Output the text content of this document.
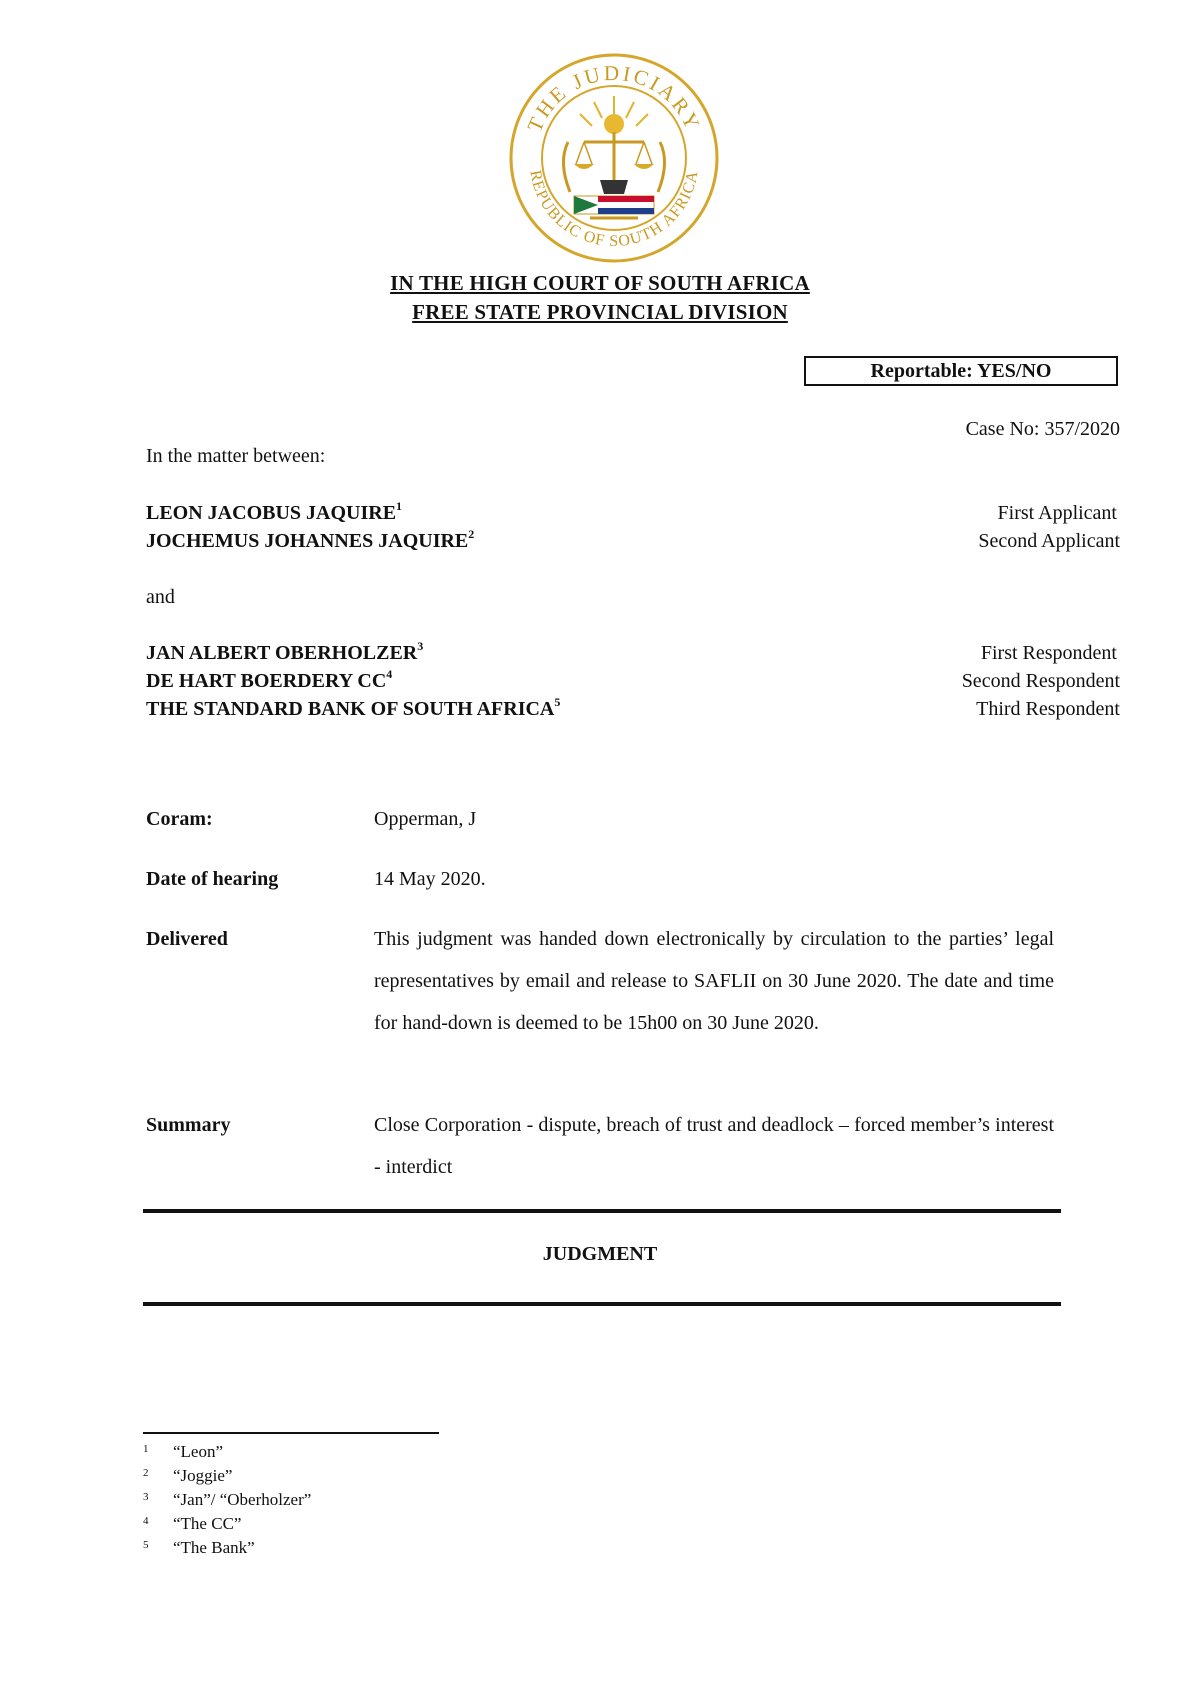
THE JUDICIARY
REPUBLIC OF SOUTH AFRICA
IN THE HIGH COURT OF SOUTH AFRICA
FREE STATE PROVINCIAL DIVISION
Reportable: YES/NO
Case No: 357/2020
In the matter between:
LEON JACOBUS JAQUIRE$^1$	First Applicant
JOCHEMUS JOHANNES JAQUIRE$^2$	Second Applicant
and
JAN ALBERT OBERHOLZER$^3$	First Respondent
DE HART BOERDERY $CC^4$	Second Respondent
THE STANDARD BANK OF SOUTH AFRICA$^5$	Third Respondent
Coram:	Opperman, J
Date of hearing	14 May 2020.
Delivered	This judgment was handed down electronically by circulation to the parties’ legal representatives by email and release to SAFLII on 30 June 2020. The date and time for hand-down is deemed to be 15h00 on 30 June 2020.
Summary	Close Corporation - dispute, breach of trust and deadlock – forced member’s interest - interdict
JUDGMENT
1 “Leon”
2 “Joggie”
3 “Jan”/ “Oberholzer”
4 “The CC”
5 “The Bank”
